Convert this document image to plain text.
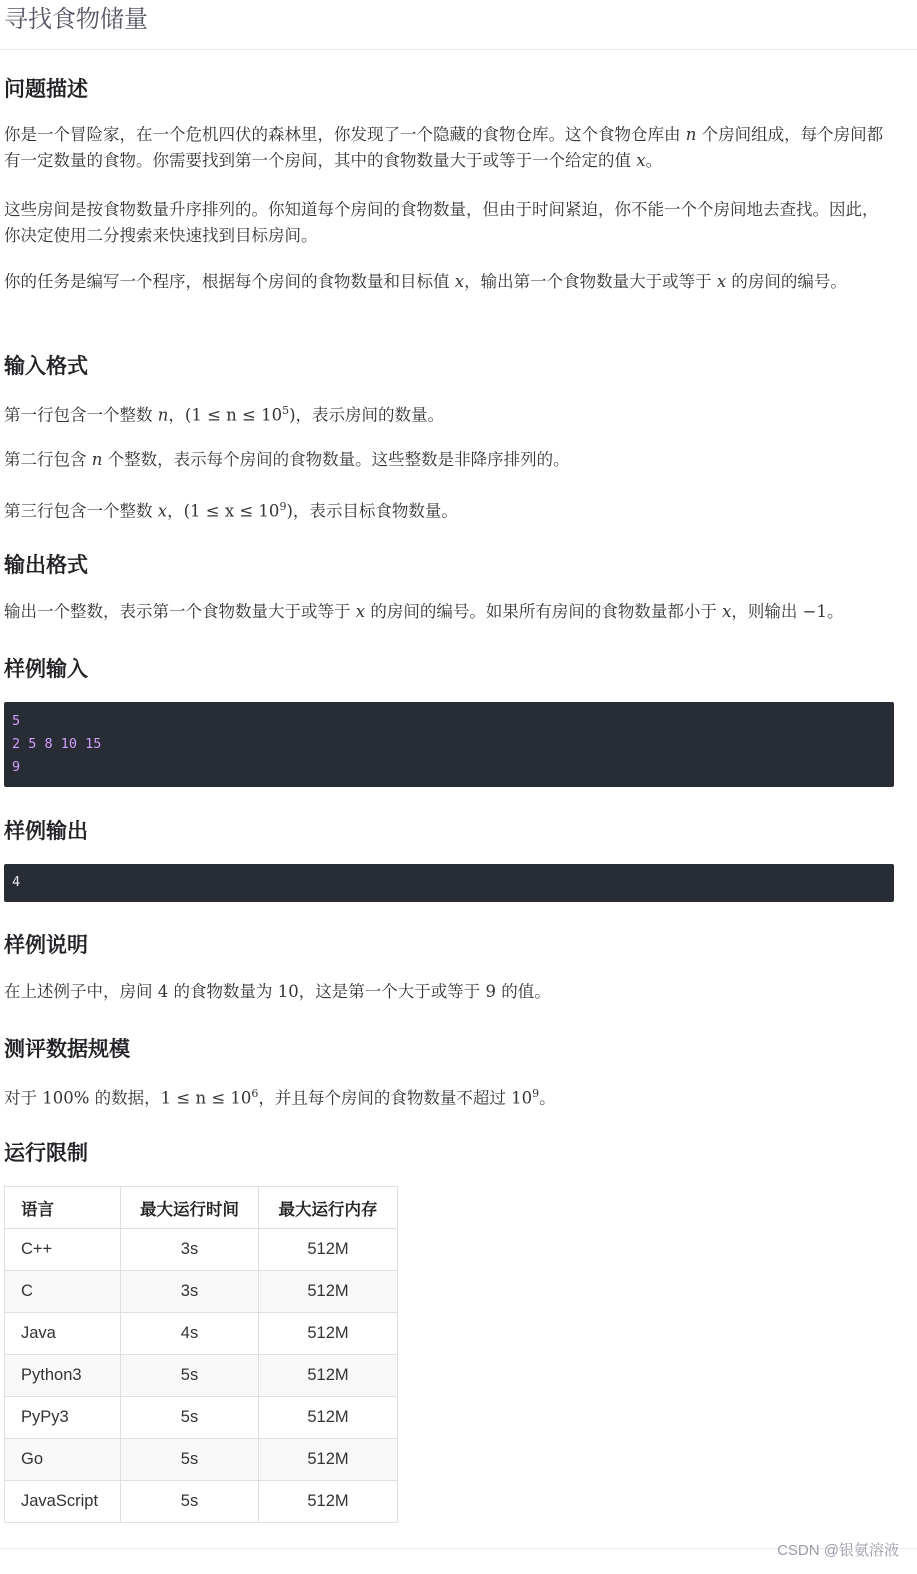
寻找食物储量
问题描述

你是一个冒险家，在一个危机四伏的森林里，你发现了一个隐藏的食物仓库。这个食物仓库由 n 个房间组成，每个房间都有一定数量的食物。你需要找到第一个房间，其中的食物数量大于或等于一个给定的值 x。

这些房间是按食物数量升序排列的。你知道每个房间的食物数量，但由于时间紧迫，你不能一个个房间地去查找。因此，你决定使用二分搜索来快速找到目标房间。

你的任务是编写一个程序，根据每个房间的食物数量和目标值 x，输出第一个食物数量大于或等于 x 的房间的编号。

输入格式

第一行包含一个整数 n，$(1 \le n \le 10^5)$，表示房间的数量。

第二行包含 n 个整数，表示每个房间的食物数量。这些整数是非降序排列的。

第三行包含一个整数 x，$(1 \le x \le 10^9)$，表示目标食物数量。

输出格式

输出一个整数，表示第一个食物数量大于或等于 x 的房间的编号。如果所有房间的食物数量都小于 x，则输出 −1。

样例输入
5
2 5 8 10 15
9
样例输出
4
样例说明

在上述例子中，房间 4 的食物数量为 10，这是第一个大于或等于 9 的值。

测评数据规模

对于 100% 的数据，$1 \le n \le 10^6$，并且每个房间的食物数量不超过 $10^9$。

运行限制
语言	最大运行时间	最大运行内存
C++	3s	512M
C	3s	512M
Java	4s	512M
Python3	5s	512M
PyPy3	5s	512M
Go	5s	512M
JavaScript	5s	512M
CSDN @银氨溶液
